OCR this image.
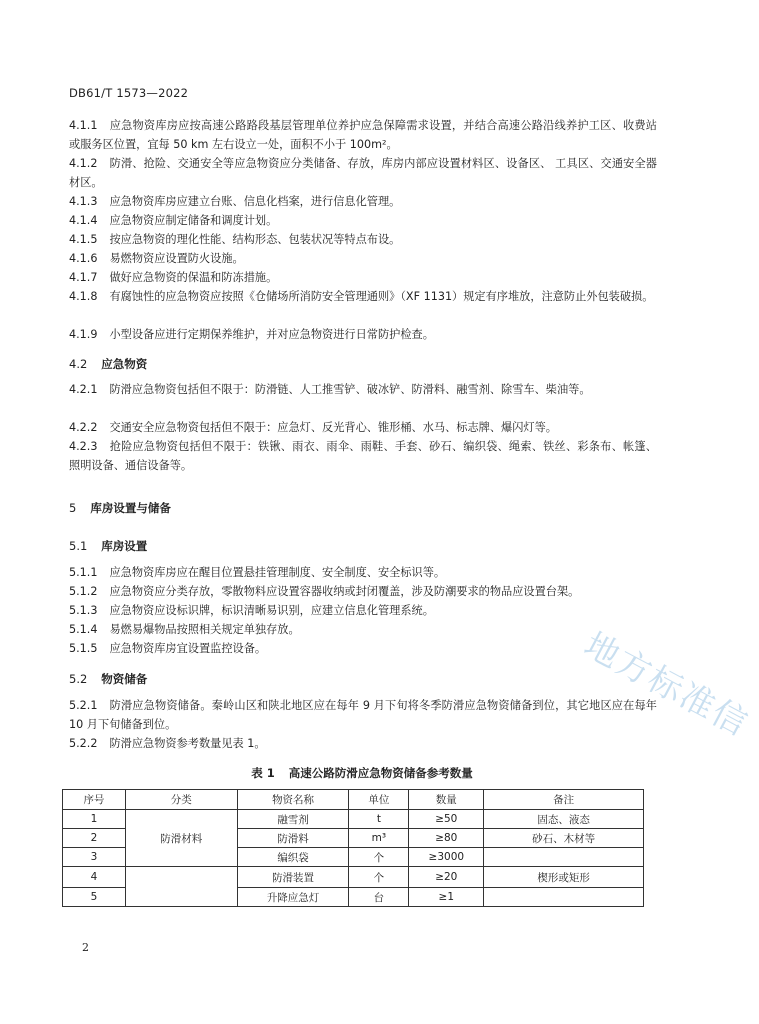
DB61/T 1573—2022
4.1.1 应急物资库房应按高速公路路段基层管理单位养护应急保障需求设置，并结合高速公路沿线养护工区、收费站或服务区位置，宜每 50 km 左右设立一处，面积不小于 100m²。
4.1.2 防滑、抢险、交通安全等应急物资应分类储备、存放，库房内部应设置材料区、设备区、 工具区、交通安全器材区。
4.1.3 应急物资库房应建立台账、信息化档案，进行信息化管理。
4.1.4 应急物资应制定储备和调度计划。
4.1.5 按应急物资的理化性能、结构形态、包装状况等特点布设。
4.1.6 易燃物资应设置防火设施。
4.1.7 做好应急物资的保温和防冻措施。
4.1.8 有腐蚀性的应急物资应按照《仓储场所消防安全管理通则》（XF 1131）规定有序堆放，注意防止外包装破损。
4.1.9 小型设备应进行定期保养维护，并对应急物资进行日常防护检查。
4.2 应急物资
4.2.1 防滑应急物资包括但不限于：防滑链、人工推雪铲、破冰铲、防滑料、融雪剂、除雪车、柴油等。
4.2.2 交通安全应急物资包括但不限于：应急灯、反光背心、锥形桶、水马、标志牌、爆闪灯等。
4.2.3 抢险应急物资包括但不限于：铁锹、雨衣、雨伞、雨鞋、手套、砂石、编织袋、绳索、铁丝、彩条布、帐篷、照明设备、通信设备等。
5 库房设置与储备
5.1 库房设置
5.1.1 应急物资库房应在醒目位置悬挂管理制度、安全制度、安全标识等。
5.1.2 应急物资应分类存放，零散物料应设置容器收纳或封闭覆盖，涉及防潮要求的物品应设置台架。
5.1.3 应急物资应设标识牌，标识清晰易识别，应建立信息化管理系统。
5.1.4 易燃易爆物品按照相关规定单独存放。
5.1.5 应急物资库房宜设置监控设备。
5.2 物资储备
5.2.1 防滑应急物资储备。秦岭山区和陕北地区应在每年 9 月下旬将冬季防滑应急物资储备到位，其它地区应在每年 10 月下旬储备到位。
5.2.2 防滑应急物资参考数量见表 1。
表 1 高速公路防滑应急物资储备参考数量
序号	分类	物资名称	单位	数量	备注
1	防滑材料	融雪剂	t	≥50	固态、液态
2		防滑料	m³	≥80	砂石、木材等
3		编织袋	个	≥3000	
4		防滑装置	个	≥20	楔形或矩形
5		升降应急灯	台	≥1	
2
地方标准信
